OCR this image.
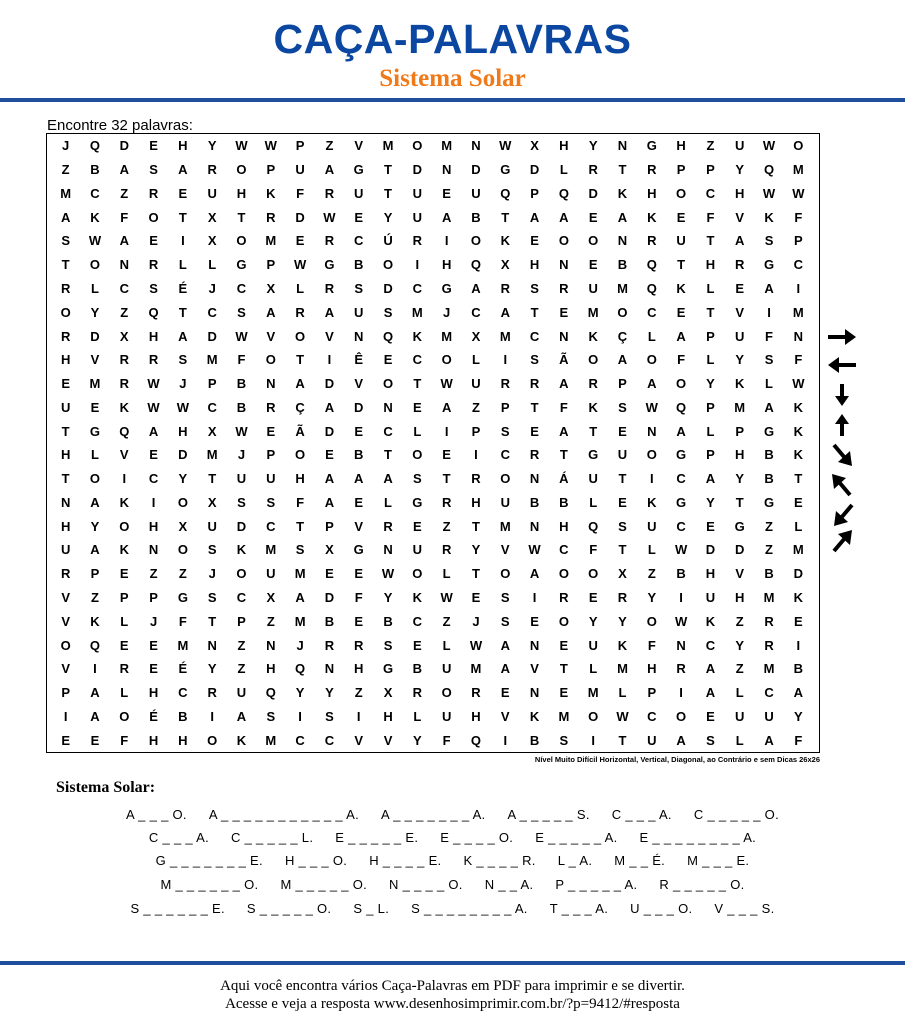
CAÇA-PALAVRAS
Sistema Solar
Encontre 32 palavras:
J	Q	D	E	H	Y	W	W	P	Z	V	M	O	M	N	W	X	H	Y	N	G	H	Z	U	W	O
Z	B	A	S	A	R	O	P	U	A	G	T	D	N	D	G	D	L	R	T	R	P	P	Y	Q	M
M	C	Z	R	E	U	H	K	F	R	U	T	U	E	U	Q	P	Q	D	K	H	O	C	H	W	W
A	K	F	O	T	X	T	R	D	W	E	Y	U	A	B	T	A	A	E	A	K	E	F	V	K	F
S	W	A	E	I	X	O	M	E	R	C	Ú	R	I	O	K	E	O	O	N	R	U	T	A	S	P
T	O	N	R	L	L	G	P	W	G	B	O	I	H	Q	X	H	N	E	B	Q	T	H	R	G	C
R	L	C	S	É	J	C	X	L	R	S	D	C	G	A	R	S	R	U	M	Q	K	L	E	A	I
O	Y	Z	Q	T	C	S	A	R	A	U	S	M	J	C	A	T	E	M	O	C	E	T	V	I	M
R	D	X	H	A	D	W	V	O	V	N	Q	K	M	X	M	C	N	K	Ç	L	A	P	U	F	N
H	V	R	R	S	M	F	O	T	I	Ê	E	C	O	L	I	S	Ã	O	A	O	F	L	Y	S	F
E	M	R	W	J	P	B	N	A	D	V	O	T	W	U	R	R	A	R	P	A	O	Y	K	L	W
U	E	K	W	W	C	B	R	Ç	A	D	N	E	A	Z	P	T	F	K	S	W	Q	P	M	A	K
T	G	Q	A	H	X	W	E	Ã	D	E	C	L	I	P	S	E	A	T	E	N	A	L	P	G	K
H	L	V	E	D	M	J	P	O	E	B	T	O	E	I	C	R	T	G	U	O	G	P	H	B	K
T	O	I	C	Y	T	U	U	H	A	A	A	S	T	R	O	N	Á	U	T	I	C	A	Y	B	T
N	A	K	I	O	X	S	S	F	A	E	L	G	R	H	U	B	B	L	E	K	G	Y	T	G	E
H	Y	O	H	X	U	D	C	T	P	V	R	E	Z	T	M	N	H	Q	S	U	C	E	G	Z	L
U	A	K	N	O	S	K	M	S	X	G	N	U	R	Y	V	W	C	F	T	L	W	D	D	Z	M
R	P	E	Z	Z	J	O	U	M	E	E	W	O	L	T	O	A	O	O	X	Z	B	H	V	B	D
V	Z	P	P	G	S	C	X	A	D	F	Y	K	W	E	S	I	R	E	R	Y	I	U	H	M	K
V	K	L	J	F	T	P	Z	M	B	E	B	C	Z	J	S	E	O	Y	Y	O	W	K	Z	R	E
O	Q	E	E	M	N	Z	N	J	R	R	S	E	L	W	A	N	E	U	K	F	N	C	Y	R	I
V	I	R	E	É	Y	Z	H	Q	N	H	G	B	U	M	A	V	T	L	M	H	R	A	Z	M	B
P	A	L	H	C	R	U	Q	Y	Y	Z	X	R	O	R	E	N	E	M	L	P	I	A	L	C	A
I	A	O	É	B	I	A	S	I	S	I	H	L	U	H	V	K	M	O	W	C	O	E	U	U	Y
E	E	F	H	H	O	K	M	C	C	V	V	Y	F	Q	I	B	S	I	T	U	A	S	L	A	F
Nível Muito Difícil Horizontal, Vertical, Diagonal, ao Contrário e sem Dicas 26x26
Sistema Solar:
A _ _ _ O. A _ _ _ _ _ _ _ _ _ _ _ A. A _ _ _ _ _ _ _ A. A _ _ _ _ _ S. C _ _ _ A. C _ _ _ _ _ O.
C _ _ _ A. C _ _ _ _ _ L. E _ _ _ _ _ E. E _ _ _ _ O. E _ _ _ _ _ A. E _ _ _ _ _ _ _ _ A.
G _ _ _ _ _ _ _ E. H _ _ _ O. H _ _ _ _ E. K _ _ _ _ R. L _ A. M _ _ É. M _ _ _ E.
M _ _ _ _ _ _ O. M _ _ _ _ _ O. N _ _ _ _ O. N _ _ A. P _ _ _ _ _ A. R _ _ _ _ _ O.
S _ _ _ _ _ _ E. S _ _ _ _ _ O. S _ L. S _ _ _ _ _ _ _ _ A. T _ _ _ A. U _ _ _ O. V _ _ _ S.
Aqui você encontra vários Caça-Palavras em PDF para imprimir e se divertir.
Acesse e veja a resposta www.desenhosimprimir.com.br/?p=9412/#resposta
